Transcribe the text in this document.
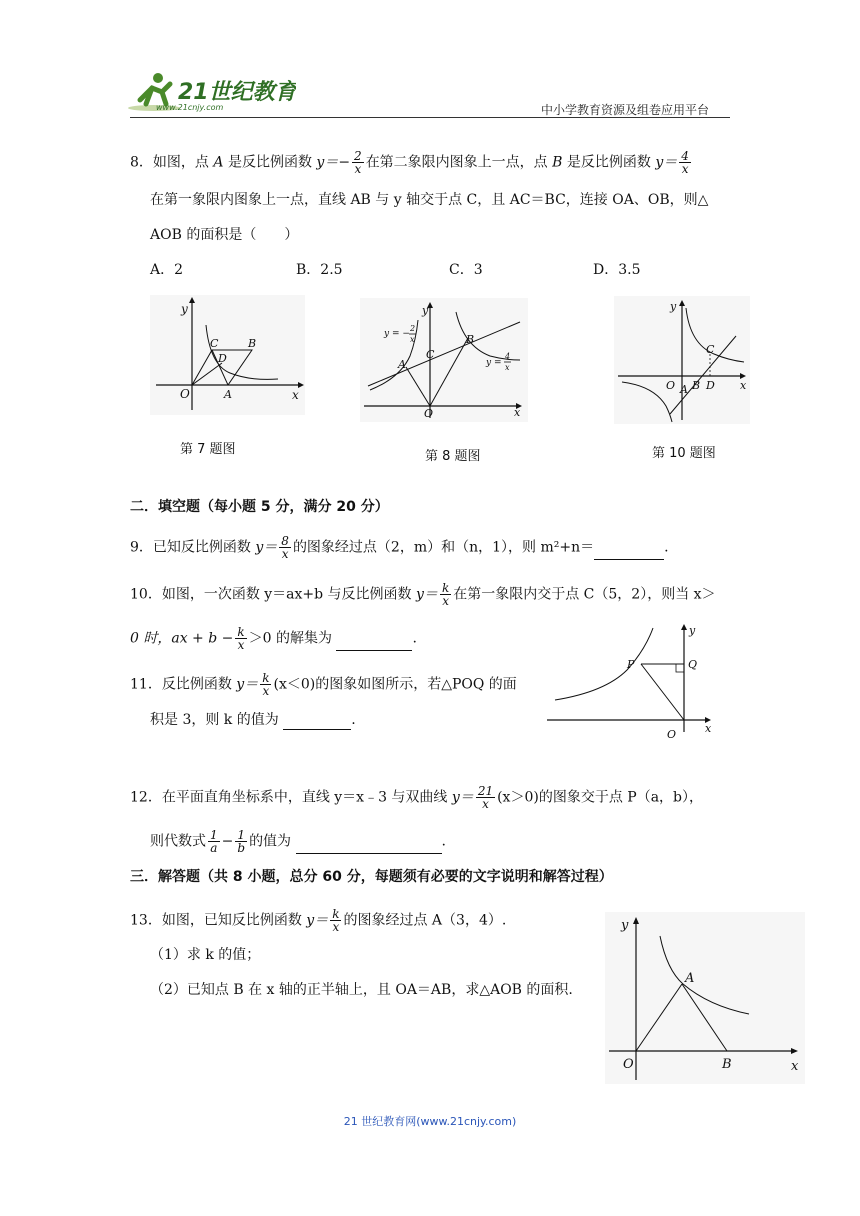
21世纪教育
www.21cnjy.com	中小学教育资源及组卷应用平台
8．如图，点 A 是反比例函数 $y=- \frac{2}{x}$ 在第二象限内图象上一点，点 B 是反比例函数 $y= \frac{4}{x}$
在第一象限内图象上一点，直线 AB 与 y 轴交于点 C，且 AC＝BC，连接 OA、OB，则△
AOB 的面积是（　　）
A．2	B．2.5	C．3	D．3.5
x
y
O
C	B
D
A
第 7 题图
x
y
O
A
C
B
y = −
2
x
y =
4
x
第 8 题图
x
y
O A B
C
D
第 10 题图
二．填空题（每小题 5 分，满分 20 分）
9．已知反比例函数 $y= \frac{8}{x}$ 的图象经过点（2，m）和（n，1），则 m²+n＝	.
10．如图，一次函数 y＝ax+b 与反比例函数 $y= \frac{k}{x}$ 在第一象限内交于点 C（5，2），则当 x＞
0 时，ax + $b - \frac{k}{x} >0$ 的解集为	.
11．反比例函数 $y= \frac{k}{x} (x<0)$的图象如图所示，若△POQ 的面
积是 3，则 k 的值为	.
x
y
O
P	Q
12．在平面直角坐标系中，直线 y＝x﹣3 与双曲线 $y= \frac{21}{x} (x>0)$的图象交于点 P（a，b），
则代数式 $\frac{1}{a} - \frac{1}{b}$ 的值为	.
三．解答题（共 8 小题，总分 60 分，每题须有必要的文字说明和解答过程）
13．如图，已知反比例函数 $y= \frac{k}{x}$ 的图象经过点 A（3，4）.
（1）求 k 的值；
（2）已知点 B 在 x 轴的正半轴上，且 OA＝AB，求△AOB 的面积.
x
y
O
A
B
21 世纪教育网(www.21cnjy.com)
